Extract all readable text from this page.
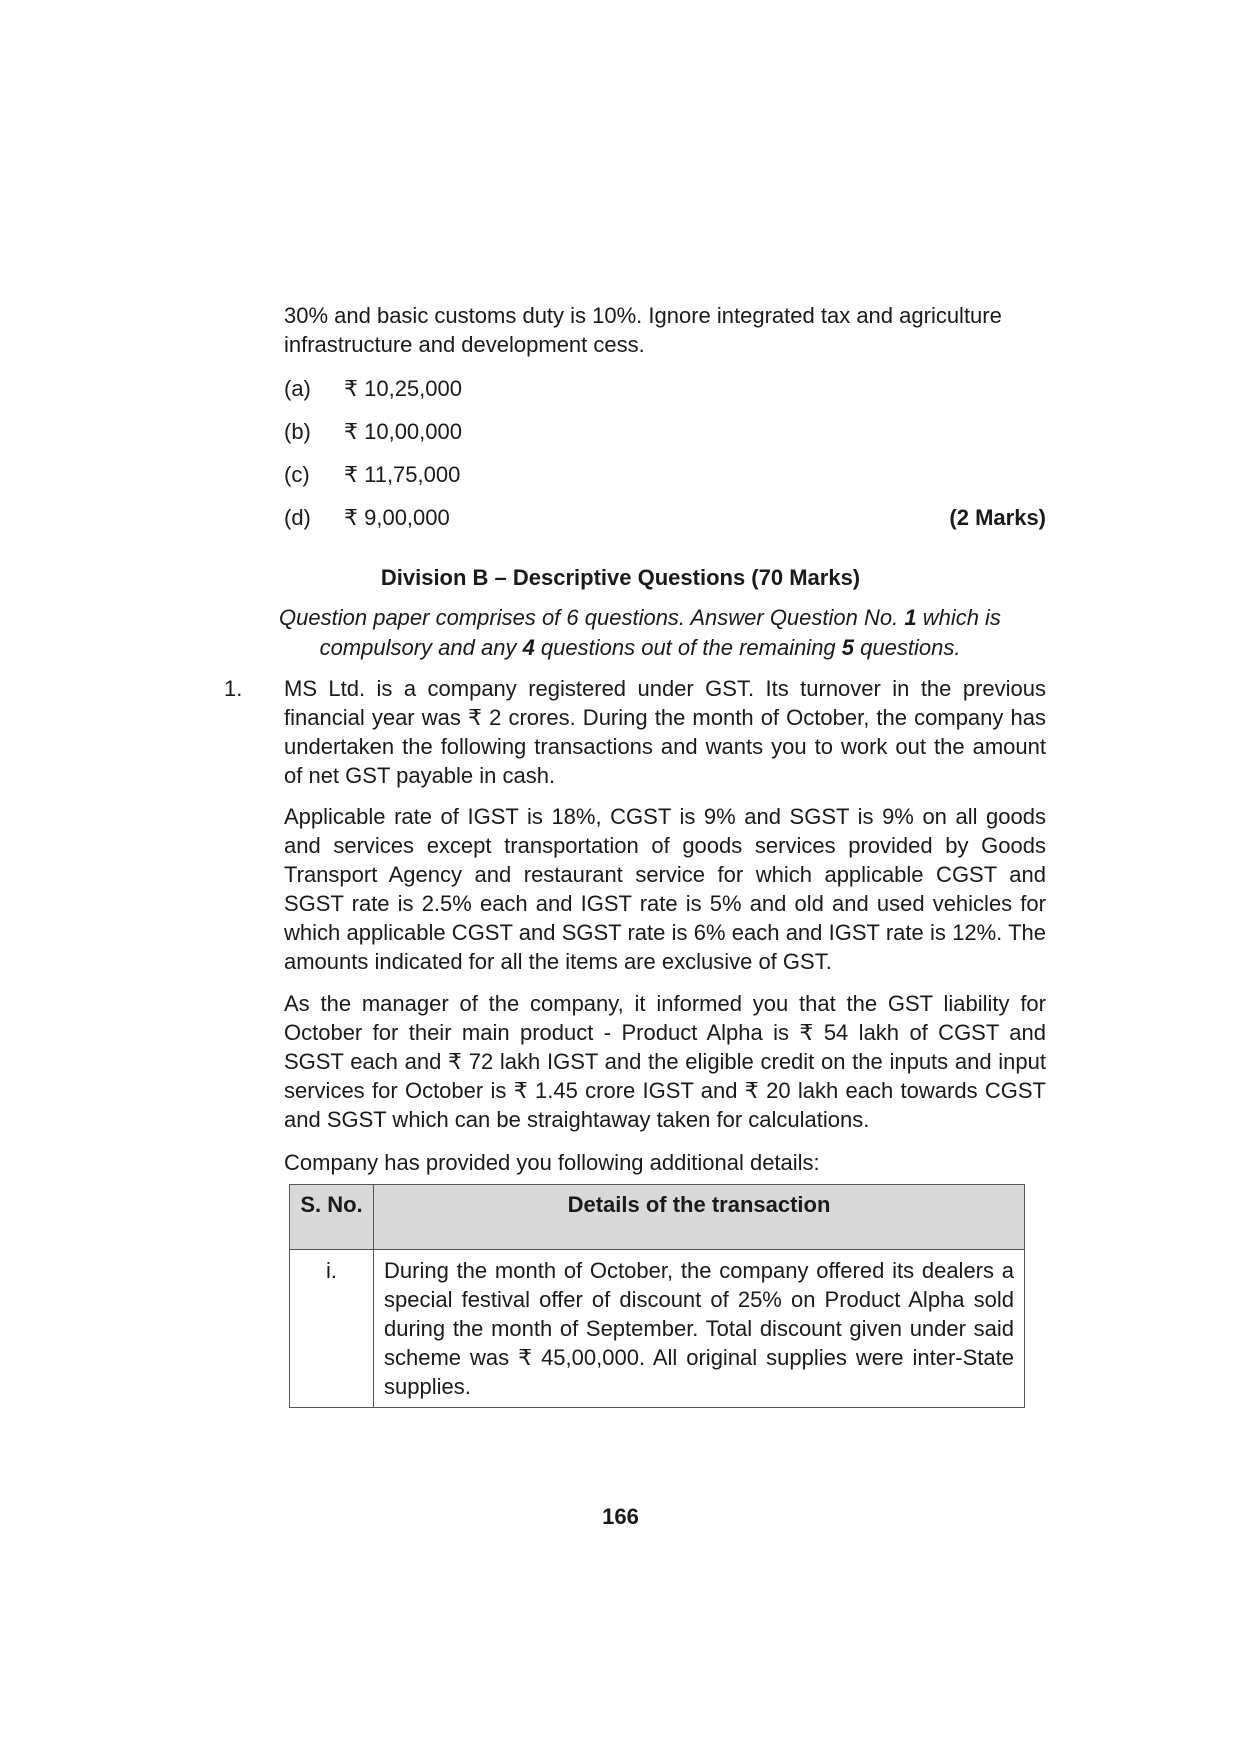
30% and basic customs duty is 10%. Ignore integrated tax and agriculture infrastructure and development cess.
(a) ₹ 10,25,000
(b) ₹ 10,00,000
(c) ₹ 11,75,000
(d) ₹ 9,00,000	(2 Marks)
Division B – Descriptive Questions (70 Marks)
Question paper comprises of 6 questions. Answer Question No. 1 which is compulsory and any 4 questions out of the remaining 5 questions.
1. MS Ltd. is a company registered under GST. Its turnover in the previous financial year was ₹ 2 crores. During the month of October, the company has undertaken the following transactions and wants you to work out the amount of net GST payable in cash.
Applicable rate of IGST is 18%, CGST is 9% and SGST is 9% on all goods and services except transportation of goods services provided by Goods Transport Agency and restaurant service for which applicable CGST and SGST rate is 2.5% each and IGST rate is 5% and old and used vehicles for which applicable CGST and SGST rate is 6% each and IGST rate is 12%. The amounts indicated for all the items are exclusive of GST.
As the manager of the company, it informed you that the GST liability for October for their main product - Product Alpha is ₹ 54 lakh of CGST and SGST each and ₹ 72 lakh IGST and the eligible credit on the inputs and input services for October is ₹ 1.45 crore IGST and ₹ 20 lakh each towards CGST and SGST which can be straightaway taken for calculations.
Company has provided you following additional details:
S. No.	Details of the transaction
i.	During the month of October, the company offered its dealers a special festival offer of discount of 25% on Product Alpha sold during the month of September. Total discount given under said scheme was ₹ 45,00,000. All original supplies were inter-State supplies.
166
